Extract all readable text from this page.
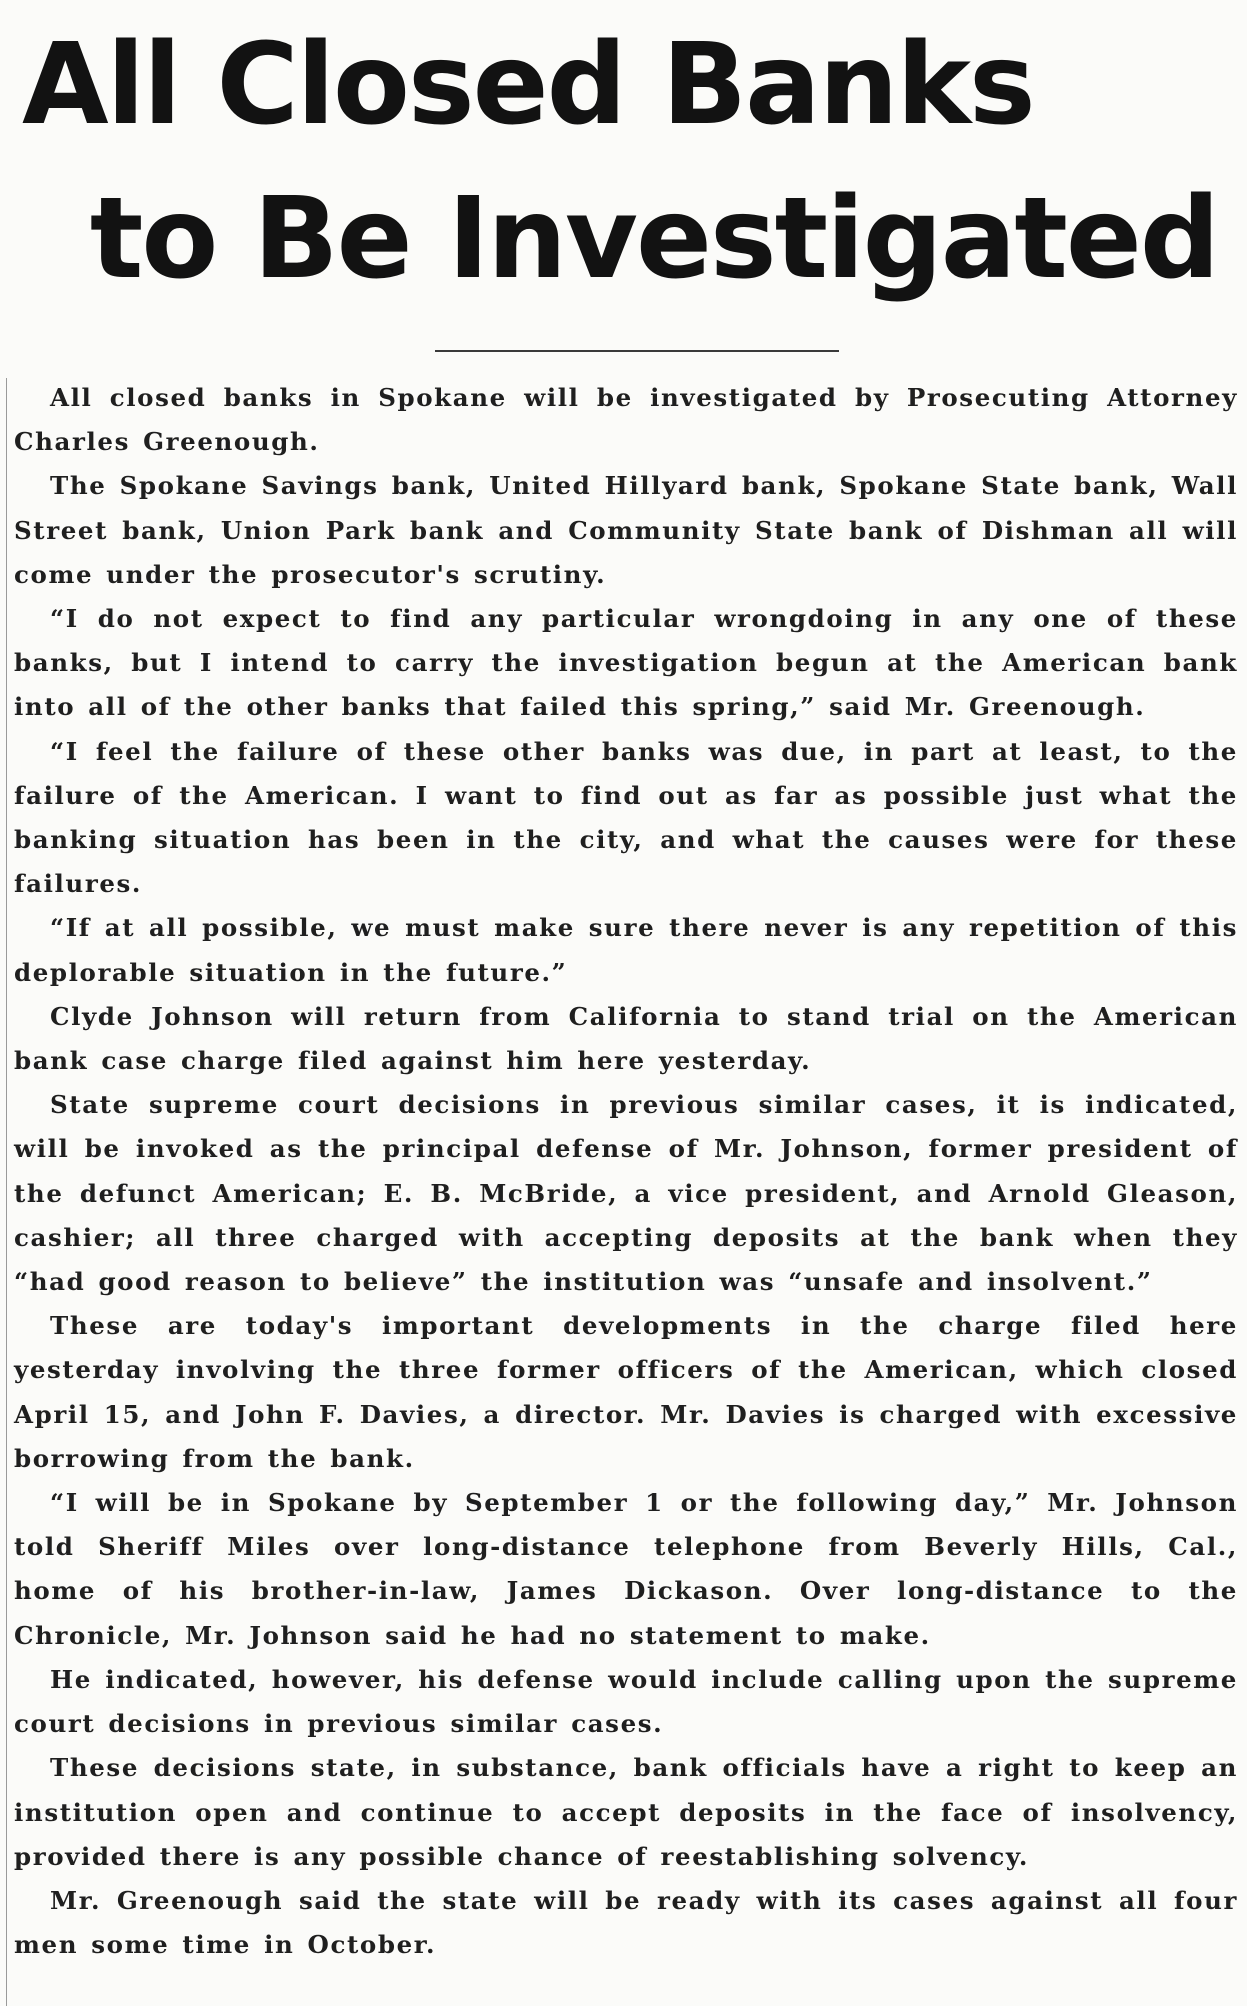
All Closed Banks
to Be Investigated

All closed banks in Spokane will be investigated by Prosecuting Attorney Charles Greenough.

The Spokane Savings bank, United Hillyard bank, Spokane State bank, Wall Street bank, Union Park bank and Community State bank of Dishman all will come under the prosecutor's scrutiny.

“I do not expect to find any particular wrongdoing in any one of these banks, but I intend to carry the investigation begun at the American bank into all of the other banks that failed this spring,” said Mr. Greenough.

“I feel the failure of these other banks was due, in part at least, to the failure of the American. I want to find out as far as possible just what the banking situation has been in the city, and what the causes were for these failures.

“If at all possible, we must make sure there never is any repetition of this deplorable situation in the future.”

Clyde Johnson will return from California to stand trial on the American bank case charge filed against him here yesterday.

State supreme court decisions in previous similar cases, it is indicated, will be invoked as the principal defense of Mr. Johnson, former president of the defunct American; E. B. McBride, a vice president, and Arnold Gleason, cashier; all three charged with accepting deposits at the bank when they “had good reason to believe” the institution was “unsafe and insolvent.”

These are today's important developments in the charge filed here yesterday involving the three former officers of the American, which closed April 15, and John F. Davies, a director. Mr. Davies is charged with excessive borrowing from the bank.

“I will be in Spokane by September 1 or the following day,” Mr. Johnson told Sheriff Miles over long-distance telephone from Beverly Hills, Cal., home of his brother-in-law, James Dickason. Over long-distance to the Chronicle, Mr. Johnson said he had no statement to make.

He indicated, however, his defense would include calling upon the supreme court decisions in previous similar cases.

These decisions state, in substance, bank officials have a right to keep an institution open and continue to accept deposits in the face of insolvency, provided there is any possible chance of reestablishing solvency.

Mr. Greenough said the state will be ready with its cases against all four men some time in October.
